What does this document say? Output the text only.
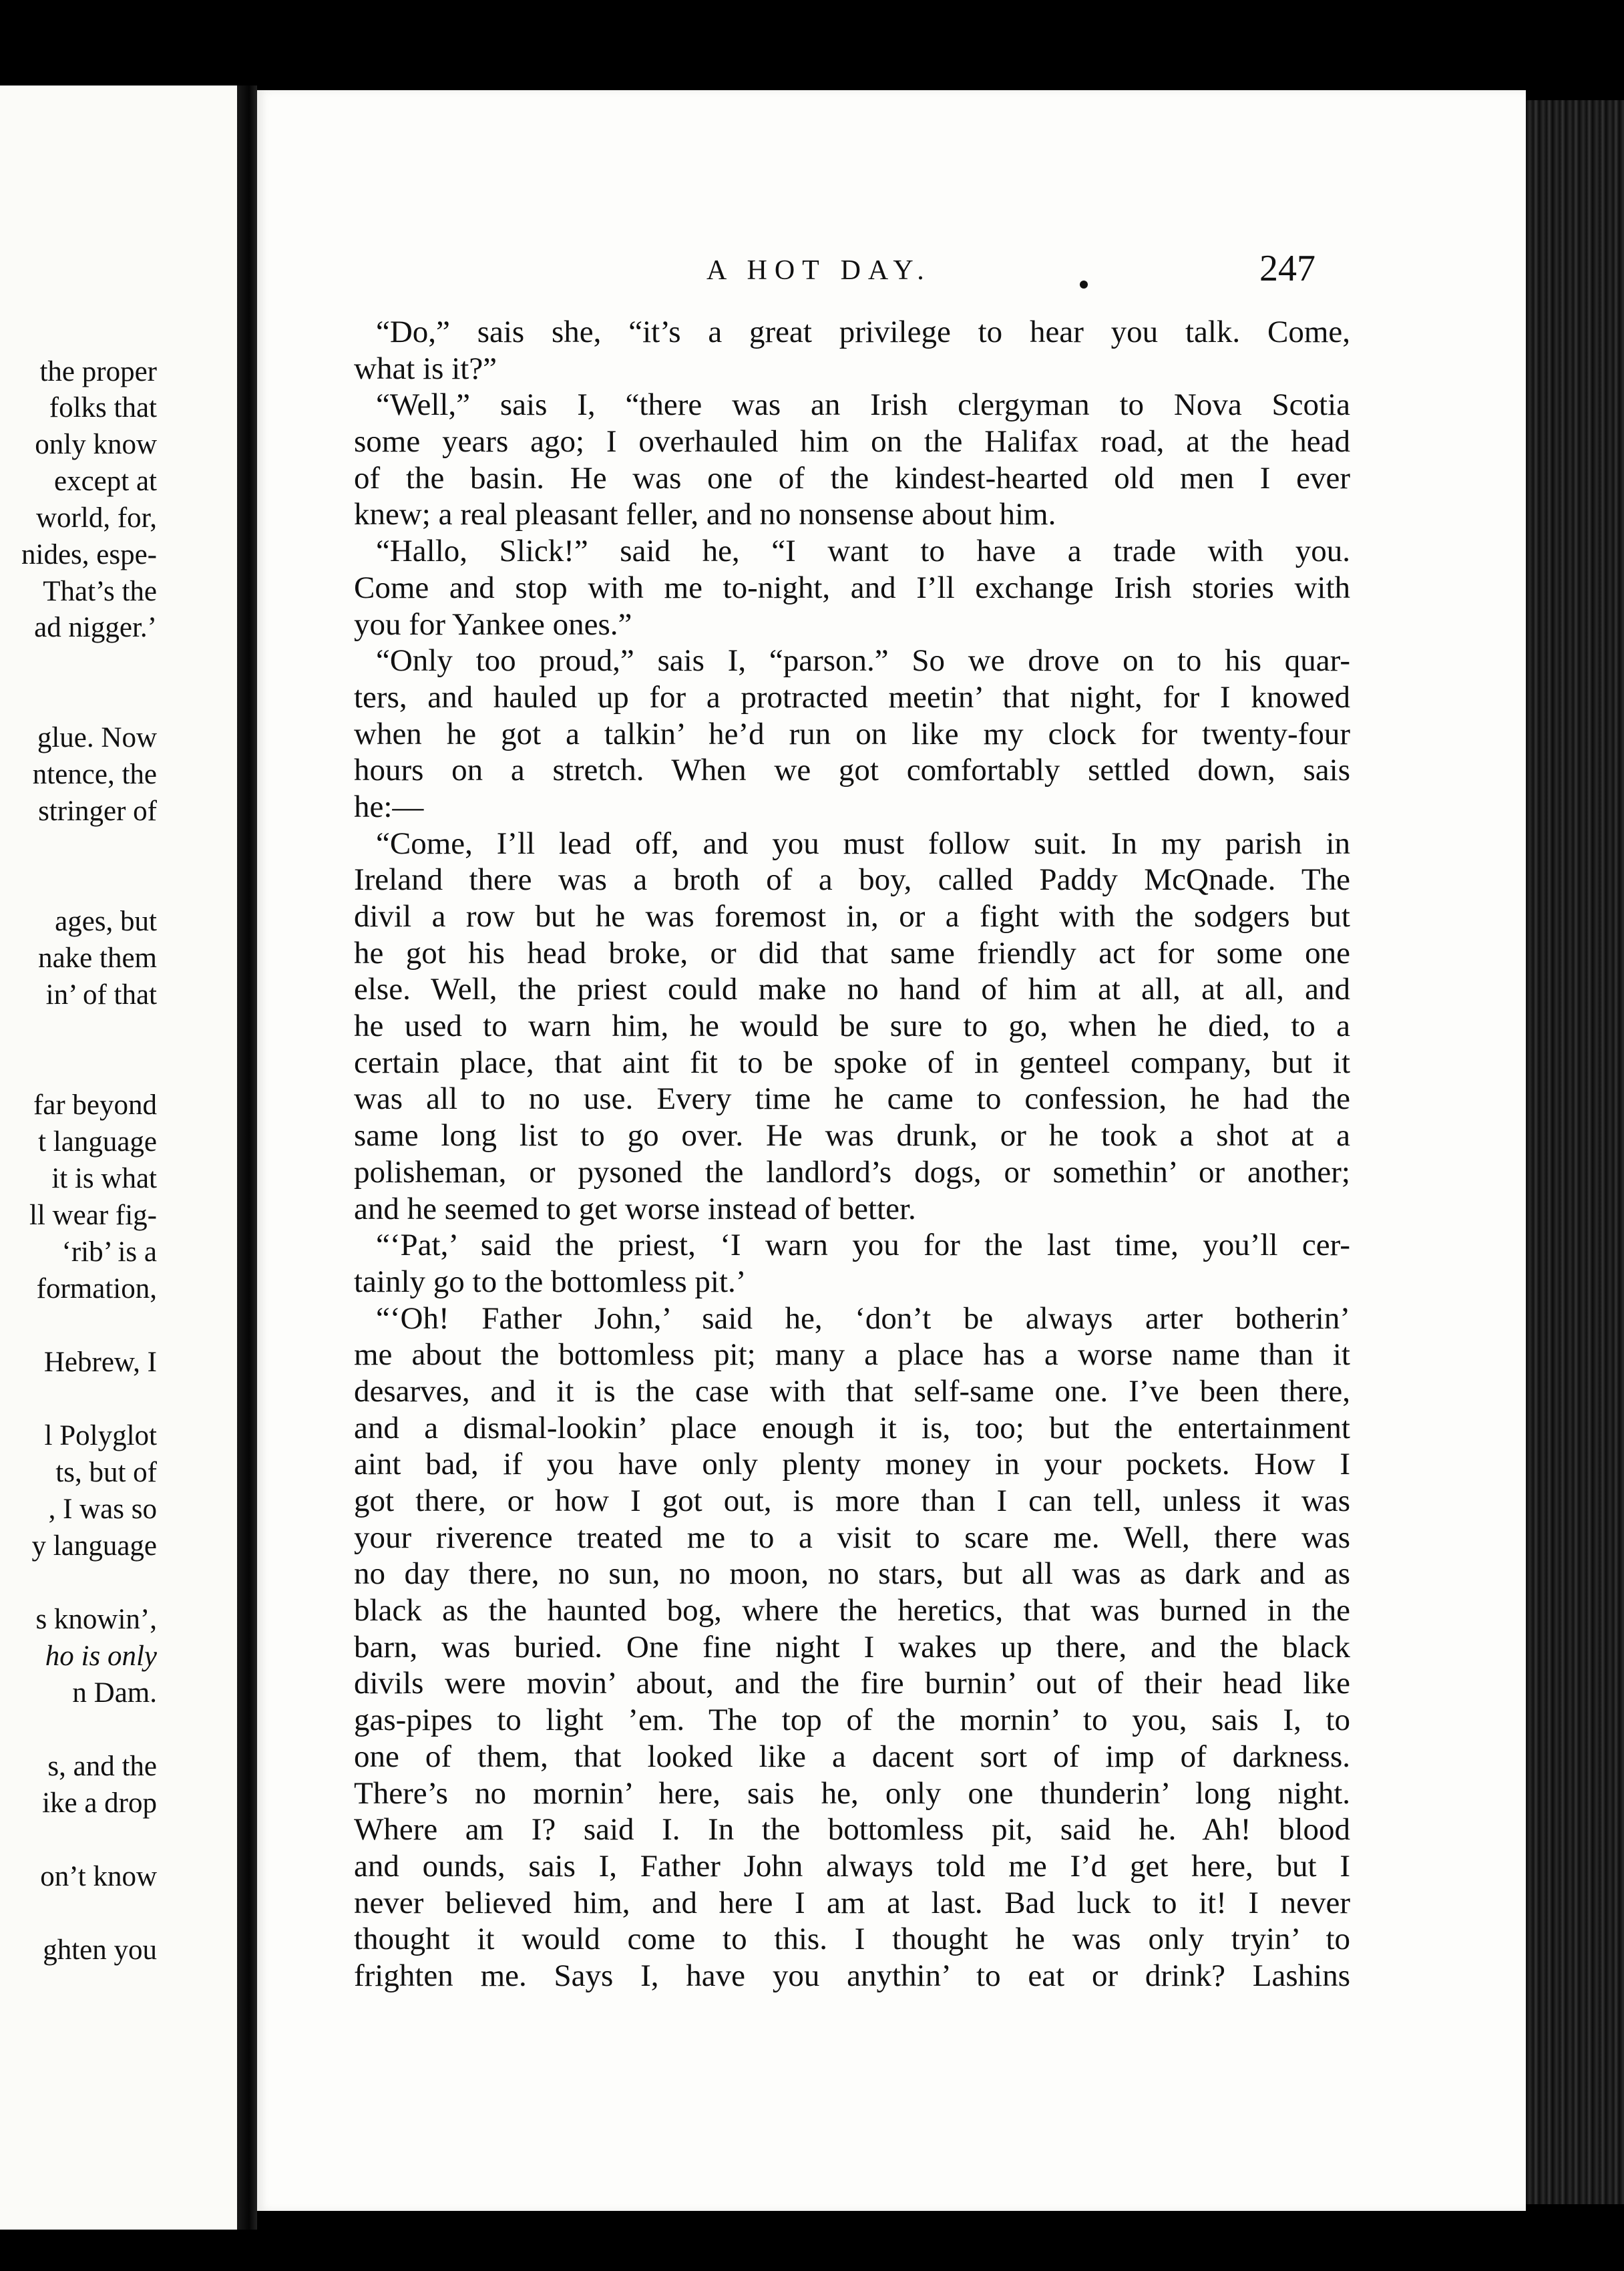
the proper
folks that
only know
except at
world, for,
nides, espe-
That’s the
ad nigger.’
glue. Now
ntence, the
stringer of
ages, but
nake them
in’ of that
far beyond
t language
it is what
ll wear fig-
‘rib’ is a
formation,
Hebrew, I
l Polyglot
ts, but of
, I was so
y language
s knowin’,
ho is only
n Dam.
s, and the
ike a drop
on’t know
ghten you
A HOT DAY.	247
“Do,” sais she, “it’s a great privilege to hear you talk. Come,
what is it?”
“Well,” sais I, “there was an Irish clergyman to Nova Scotia
some years ago; I overhauled him on the Halifax road, at the head
of the basin. He was one of the kindest-hearted old men I ever
knew; a real pleasant feller, and no nonsense about him.
“Hallo, Slick!” said he, “I want to have a trade with you.
Come and stop with me to-night, and I’ll exchange Irish stories with
you for Yankee ones.”
“Only too proud,” sais I, “parson.” So we drove on to his quar-
ters, and hauled up for a protracted meetin’ that night, for I knowed
when he got a talkin’ he’d run on like my clock for twenty-four
hours on a stretch. When we got comfortably settled down, sais
he:—
“Come, I’ll lead off, and you must follow suit. In my parish in
Ireland there was a broth of a boy, called Paddy McQnade. The
divil a row but he was foremost in, or a fight with the sodgers but
he got his head broke, or did that same friendly act for some one
else. Well, the priest could make no hand of him at all, at all, and
he used to warn him, he would be sure to go, when he died, to a
certain place, that aint fit to be spoke of in genteel company, but it
was all to no use. Every time he came to confession, he had the
same long list to go over. He was drunk, or he took a shot at a
polisheman, or pysoned the landlord’s dogs, or somethin’ or another;
and he seemed to get worse instead of better.
“‘Pat,’ said the priest, ‘I warn you for the last time, you’ll cer-
tainly go to the bottomless pit.’
“‘Oh! Father John,’ said he, ‘don’t be always arter botherin’
me about the bottomless pit; many a place has a worse name than it
desarves, and it is the case with that self-same one. I’ve been there,
and a dismal-lookin’ place enough it is, too; but the entertainment
aint bad, if you have only plenty money in your pockets. How I
got there, or how I got out, is more than I can tell, unless it was
your riverence treated me to a visit to scare me. Well, there was
no day there, no sun, no moon, no stars, but all was as dark and as
black as the haunted bog, where the heretics, that was burned in the
barn, was buried. One fine night I wakes up there, and the black
divils were movin’ about, and the fire burnin’ out of their head like
gas-pipes to light ’em. The top of the mornin’ to you, sais I, to
one of them, that looked like a dacent sort of imp of darkness.
There’s no mornin’ here, sais he, only one thunderin’ long night.
Where am I? said I. In the bottomless pit, said he. Ah! blood
and ounds, sais I, Father John always told me I’d get here, but I
never believed him, and here I am at last. Bad luck to it! I never
thought it would come to this. I thought he was only tryin’ to
frighten me. Says I, have you anythin’ to eat or drink? Lashins
